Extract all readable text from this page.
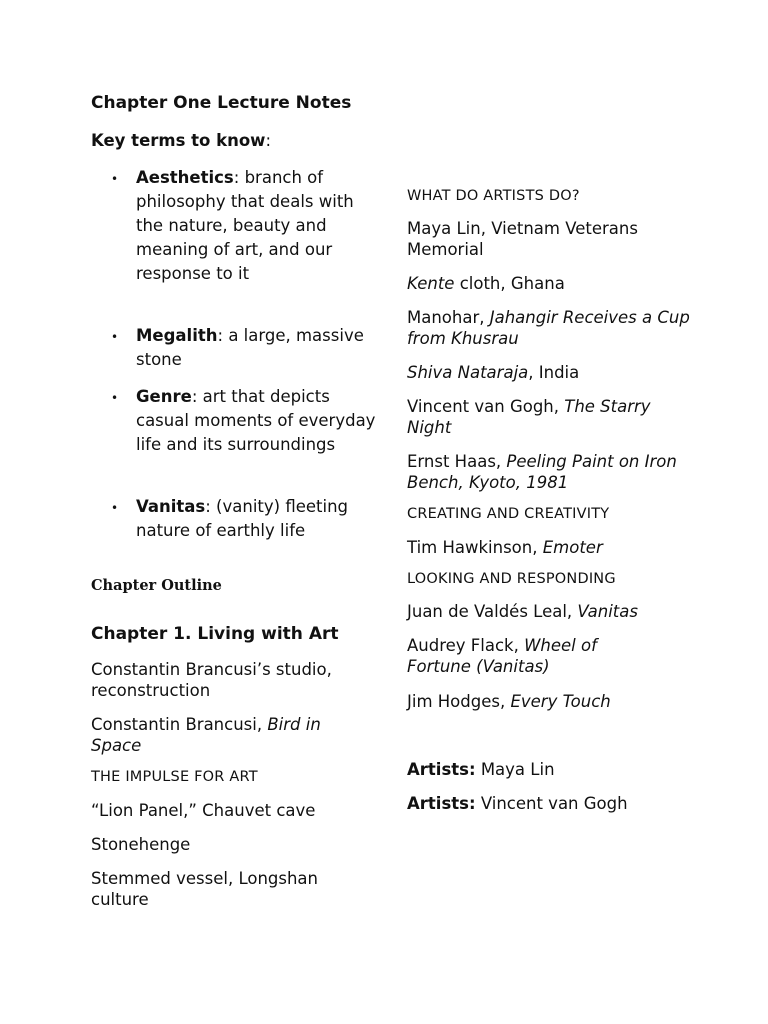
Chapter One Lecture Notes
Key terms to know:
• Aesthetics: branch of philosophy that deals with the nature, beauty and meaning of art, and our response to it
• Megalith: a large, massive stone
• Genre: art that depicts casual moments of everyday life and its surroundings
• Vanitas: (vanity) fleeting nature of earthly life
Chapter Outline
Chapter 1. Living with Art
Constantin Brancusi’s studio, reconstruction
Constantin Brancusi, Bird in Space
THE IMPULSE FOR ART
“Lion Panel,” Chauvet cave
Stonehenge
Stemmed vessel, Longshan culture
WHAT DO ARTISTS DO?
Maya Lin, Vietnam Veterans Memorial
Kente cloth, Ghana
Manohar, Jahangir Receives a Cup from Khusrau
Shiva Nataraja, India
Vincent van Gogh, The Starry Night
Ernst Haas, Peeling Paint on Iron Bench, Kyoto, 1981
CREATING AND CREATIVITY
Tim Hawkinson, Emoter
LOOKING AND RESPONDING
Juan de Valdés Leal, Vanitas
Audrey Flack, Wheel of Fortune (Vanitas)
Jim Hodges, Every Touch
Artists: Maya Lin
Artists: Vincent van Gogh
